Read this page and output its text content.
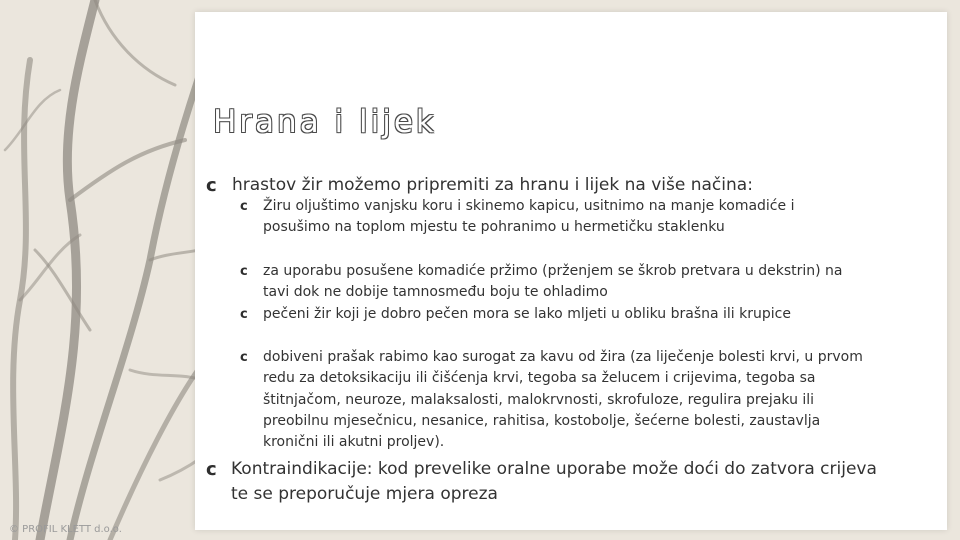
Hrana i lijek
c hrastov žir možemo pripremiti za hranu i lijek na više načina:
c Žiru oljuštimo vanjsku koru i skinemo kapicu, usitnimo na manje komadiće i posušimo na toplom mjestu te pohranimo u hermetičku staklenku
c za uporabu posušene komadiće pržimo (prženjem se škrob pretvara u dekstrin) na tavi dok ne dobije tamnosmeđu boju te ohladimo
c pečeni žir koji je dobro pečen mora se lako mljeti u obliku brašna ili krupice
c dobiveni prašak rabimo kao surogat za kavu od žira (za liječenje bolesti krvi, u prvom redu za detoksikaciju ili čišćenja krvi, tegoba sa želucem i crijevima, tegoba sa štitnjačom, neuroze, malaksalosti, malokrvnosti, skrofuloze, regulira prejaku ili preobilnu mjesečnicu, nesanice, rahitisa, kostobolje, šećerne bolesti, zaustavlja kronični ili akutni proljev).
c Kontraindikacije: kod prevelike oralne uporabe može doći do zatvora crijeva te se preporučuje mjera opreza
© PROFIL KLETT d.o.o.
